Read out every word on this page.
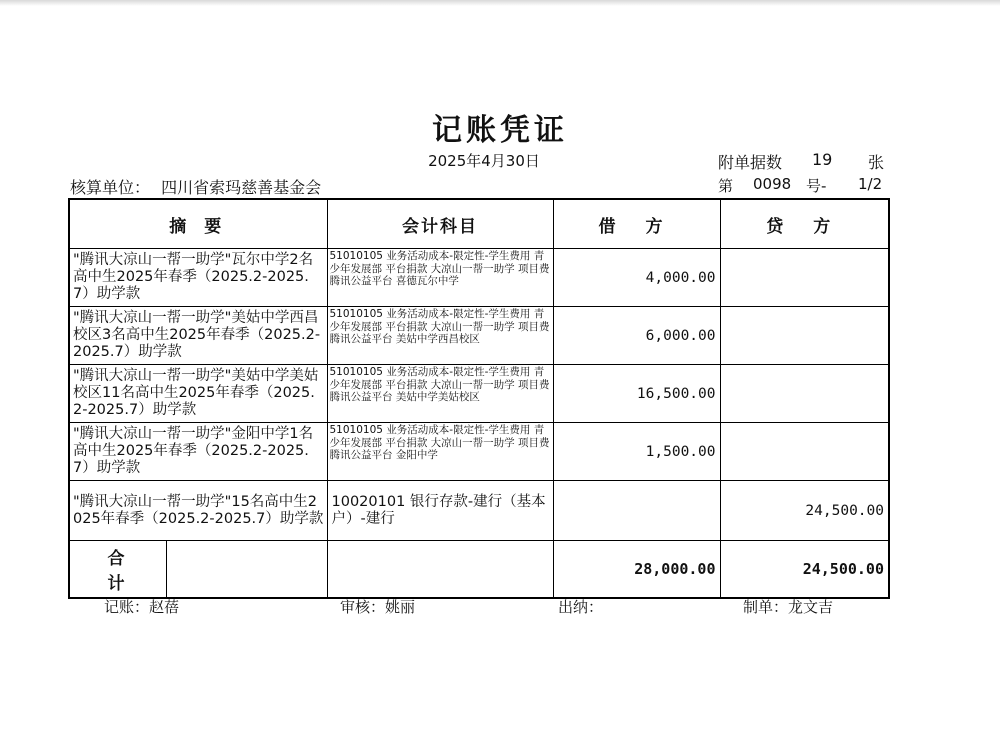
记账凭证
2025年4月30日	附单据数 19 张
核算单位： 四川省索玛慈善基金会	第 0098 号- 1/2
摘 要	会计科目	借 方	贷 方
"腾讯大凉山一帮一助学"瓦尔中学2名高中生2025年春季（2025.2-2025.7）助学款	51010105 业务活动成本-限定性-学生费用 青少年发展部 平台捐款 大凉山一帮一助学 项目费 腾讯公益平台 喜德瓦尔中学	4,000.00	
"腾讯大凉山一帮一助学"美姑中学西昌校区3名高中生2025年春季（2025.2-2025.7）助学款	51010105 业务活动成本-限定性-学生费用 青少年发展部 平台捐款 大凉山一帮一助学 项目费 腾讯公益平台 美姑中学西昌校区	6,000.00	
"腾讯大凉山一帮一助学"美姑中学美姑校区11名高中生2025年春季（2025.2-2025.7）助学款	51010105 业务活动成本-限定性-学生费用 青少年发展部 平台捐款 大凉山一帮一助学 项目费 腾讯公益平台 美姑中学美姑校区	16,500.00	
"腾讯大凉山一帮一助学"金阳中学1名高中生2025年春季（2025.2-2025.7）助学款	51010105 业务活动成本-限定性-学生费用 青少年发展部 平台捐款 大凉山一帮一助学 项目费 腾讯公益平台 金阳中学	1,500.00	
"腾讯大凉山一帮一助学"15名高中生2025年春季（2025.2-2025.7）助学款	10020101 银行存款-建行（基本户）-建行		24,500.00

合 计		28,000.00	24,500.00
记账：赵蓓	审核：姚丽	出纳：	制单：龙文吉
